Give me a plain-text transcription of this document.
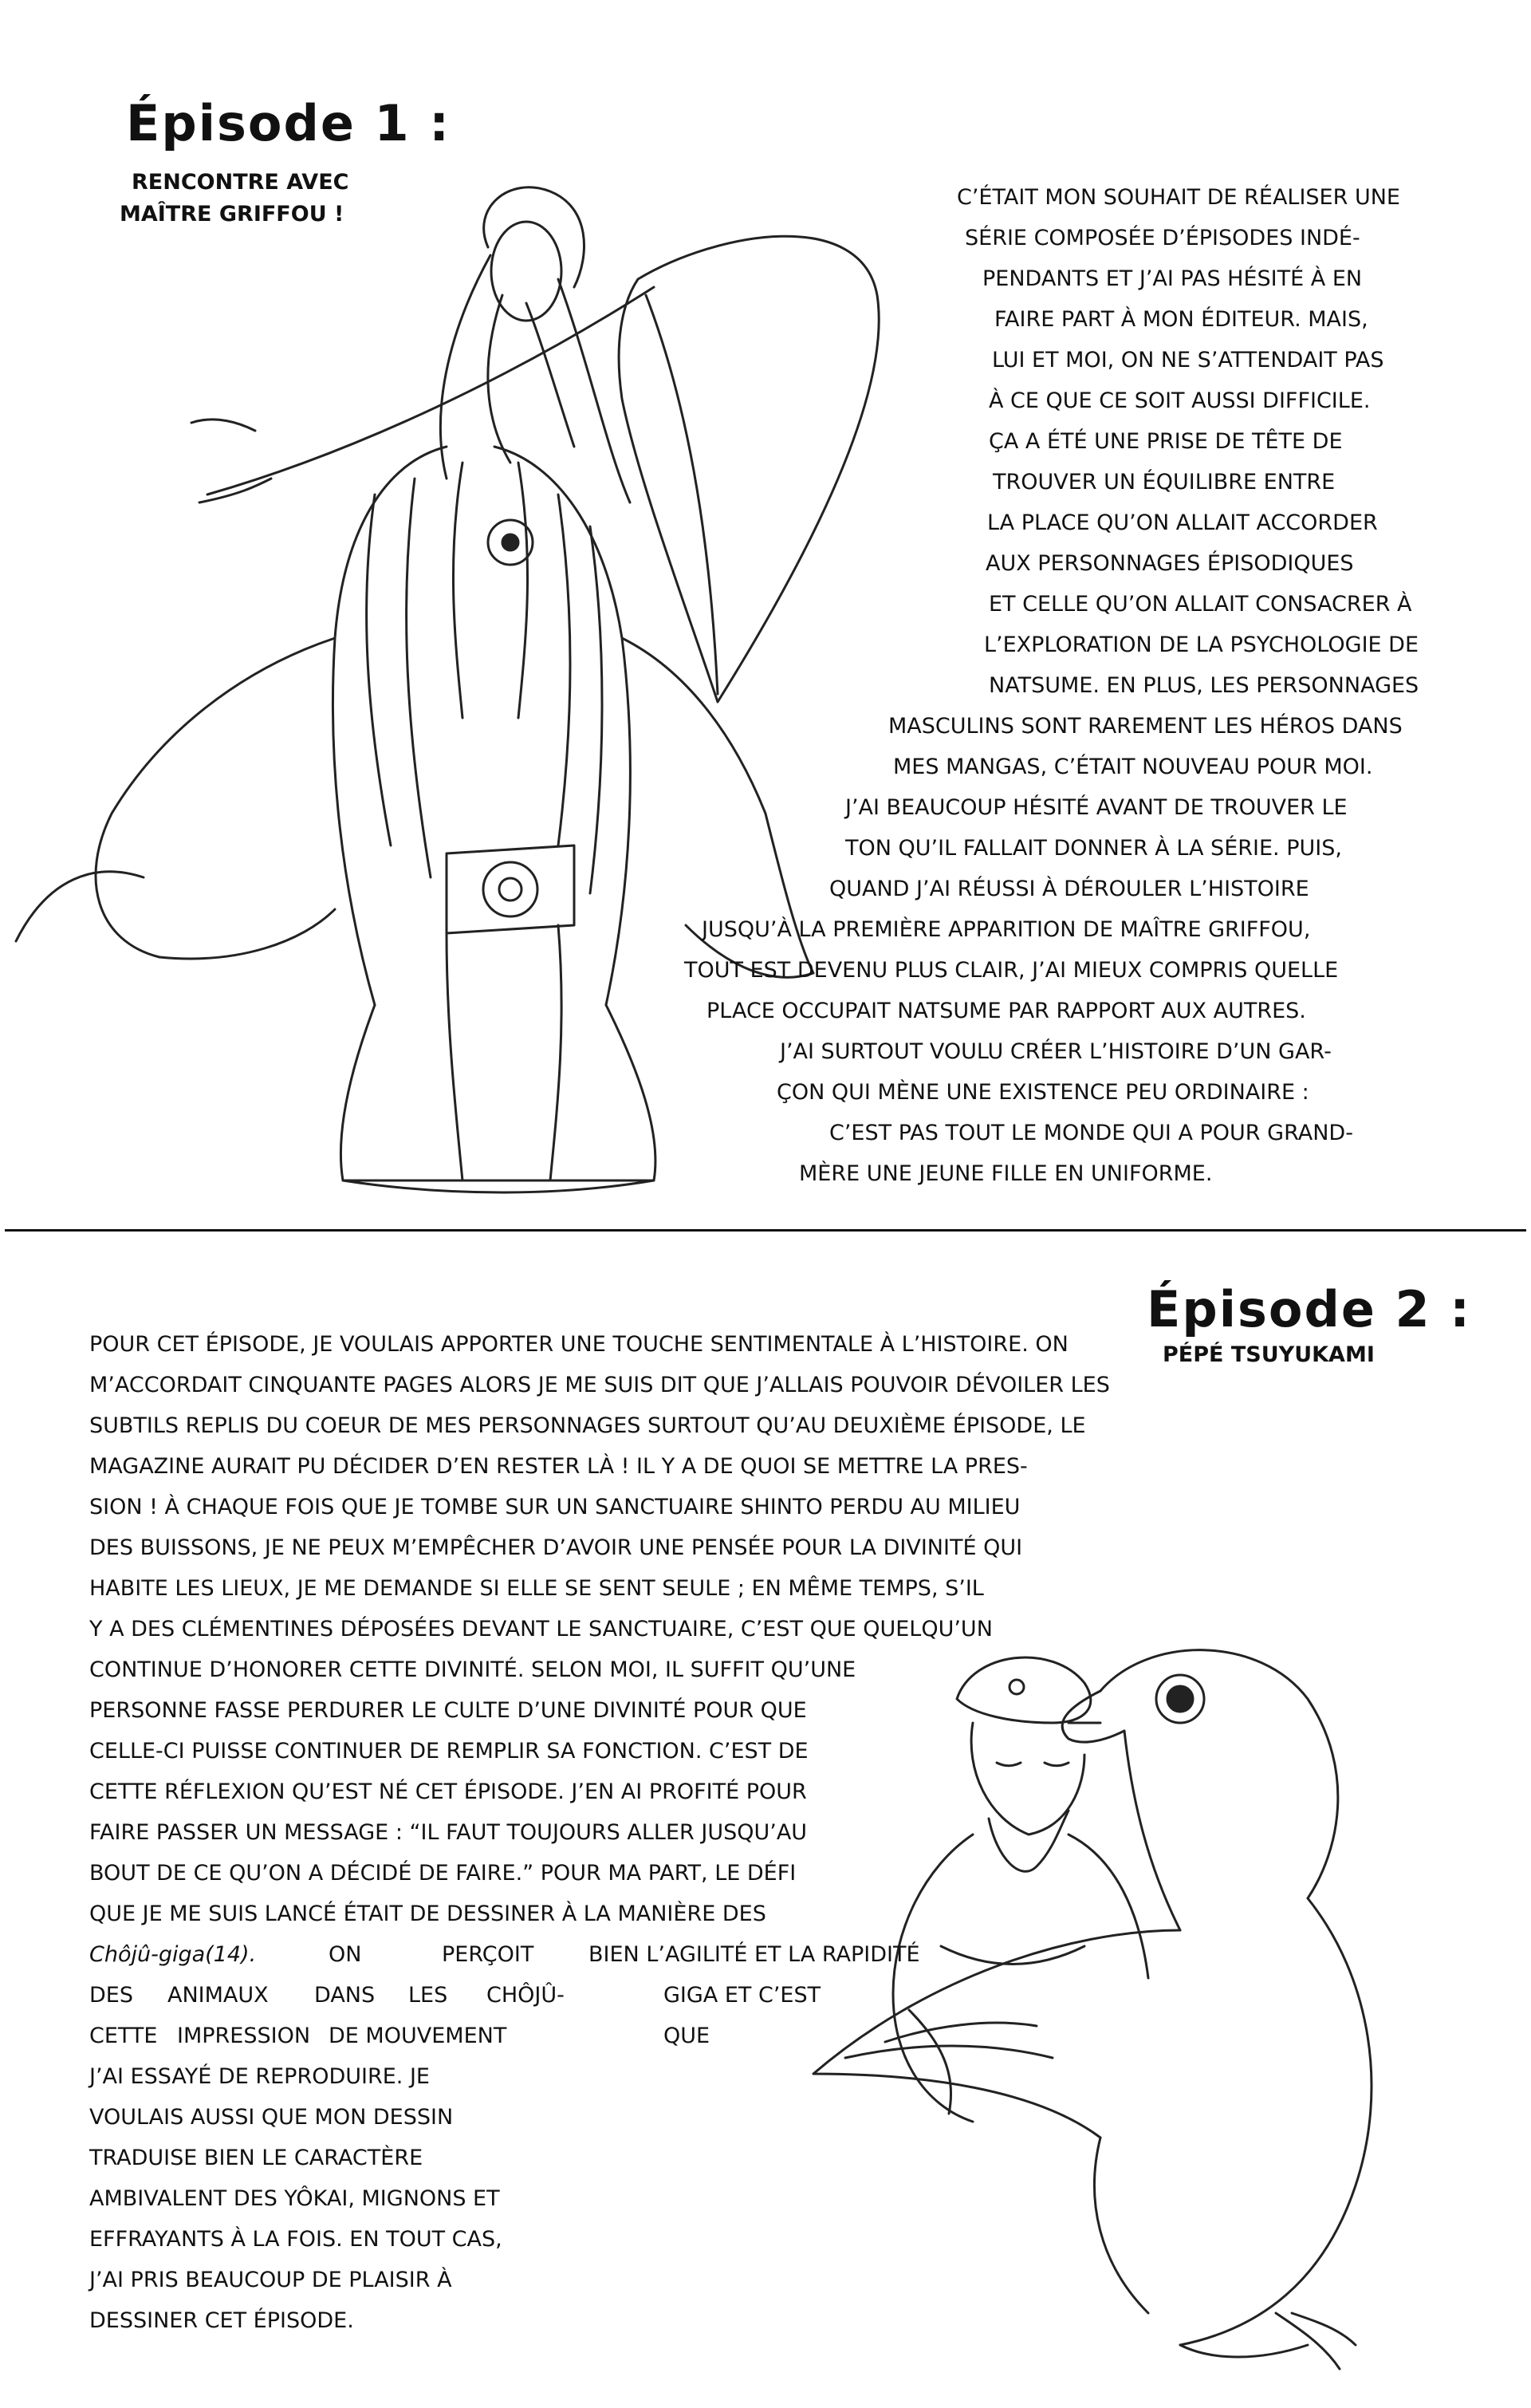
Épisode 1 :
RENCONTRE AVEC
MAÎTRE GRIFFOU !
C’ÉTAIT MON SOUHAIT DE RÉALISER UNE
SÉRIE COMPOSÉE D’ÉPISODES INDÉ-
PENDANTS ET J’AI PAS HÉSITÉ À EN
FAIRE PART À MON ÉDITEUR. MAIS,
LUI ET MOI, ON NE S’ATTENDAIT PAS
À CE QUE CE SOIT AUSSI DIFFICILE.
ÇA A ÉTÉ UNE PRISE DE TÊTE DE
TROUVER UN ÉQUILIBRE ENTRE
LA PLACE QU’ON ALLAIT ACCORDER
AUX PERSONNAGES ÉPISODIQUES
ET CELLE QU’ON ALLAIT CONSACRER À
L’EXPLORATION DE LA PSYCHOLOGIE DE
NATSUME. EN PLUS, LES PERSONNAGES
MASCULINS SONT RAREMENT LES HÉROS DANS
MES MANGAS, C’ÉTAIT NOUVEAU POUR MOI.
J’AI BEAUCOUP HÉSITÉ AVANT DE TROUVER LE
TON QU’IL FALLAIT DONNER À LA SÉRIE. PUIS,
QUAND J’AI RÉUSSI À DÉROULER L’HISTOIRE
JUSQU’À LA PREMIÈRE APPARITION DE MAÎTRE GRIFFOU,
TOUT EST DEVENU PLUS CLAIR, J’AI MIEUX COMPRIS QUELLE
PLACE OCCUPAIT NATSUME PAR RAPPORT AUX AUTRES.
J’AI SURTOUT VOULU CRÉER L’HISTOIRE D’UN GAR-
ÇON QUI MÈNE UNE EXISTENCE PEU ORDINAIRE :
C’EST PAS TOUT LE MONDE QUI A POUR GRAND-
MÈRE UNE JEUNE FILLE EN UNIFORME.
Épisode 2 :
PÉPÉ TSUYUKAMI
POUR CET ÉPISODE, JE VOULAIS APPORTER UNE TOUCHE SENTIMENTALE À L’HISTOIRE. ON
M’ACCORDAIT CINQUANTE PAGES ALORS JE ME SUIS DIT QUE J’ALLAIS POUVOIR DÉVOILER LES
SUBTILS REPLIS DU COEUR DE MES PERSONNAGES SURTOUT QU’AU DEUXIÈME ÉPISODE, LE
MAGAZINE AURAIT PU DÉCIDER D’EN RESTER LÀ ! IL Y A DE QUOI SE METTRE LA PRES-
SION ! À CHAQUE FOIS QUE JE TOMBE SUR UN SANCTUAIRE SHINTO PERDU AU MILIEU
DES BUISSONS, JE NE PEUX M’EMPÊCHER D’AVOIR UNE PENSÉE POUR LA DIVINITÉ QUI
HABITE LES LIEUX, JE ME DEMANDE SI ELLE SE SENT SEULE ; EN MÊME TEMPS, S’IL
Y A DES CLÉMENTINES DÉPOSÉES DEVANT LE SANCTUAIRE, C’EST QUE QUELQU’UN
CONTINUE D’HONORER CETTE DIVINITÉ. SELON MOI, IL SUFFIT QU’UNE
PERSONNE FASSE PERDURER LE CULTE D’UNE DIVINITÉ POUR QUE
CELLE-CI PUISSE CONTINUER DE REMPLIR SA FONCTION. C’EST DE
CETTE RÉFLEXION QU’EST NÉ CET ÉPISODE. J’EN AI PROFITÉ POUR
FAIRE PASSER UN MESSAGE : “IL FAUT TOUJOURS ALLER JUSQU’AU
BOUT DE CE QU’ON A DÉCIDÉ DE FAIRE.” POUR MA PART, LE DÉFI
QUE JE ME SUIS LANCÉ ÉTAIT DE DESSINER À LA MANIÈRE DES
Chôjû-giga(14).	ON	PERÇOIT	BIEN L’AGILITÉ ET LA RAPIDITÉ
DES ANIMAUX DANS LES CHÔJÛ-	GIGA ET C’EST
CETTE IMPRESSION DE MOUVEMENT	QUE
J’AI ESSAYÉ DE REPRODUIRE. JE
VOULAIS AUSSI QUE MON DESSIN
TRADUISE BIEN LE CARACTÈRE
AMBIVALENT DES YÔKAI, MIGNONS ET
EFFRAYANTS À LA FOIS. EN TOUT CAS,
J’AI PRIS BEAUCOUP DE PLAISIR À
DESSINER CET ÉPISODE.
